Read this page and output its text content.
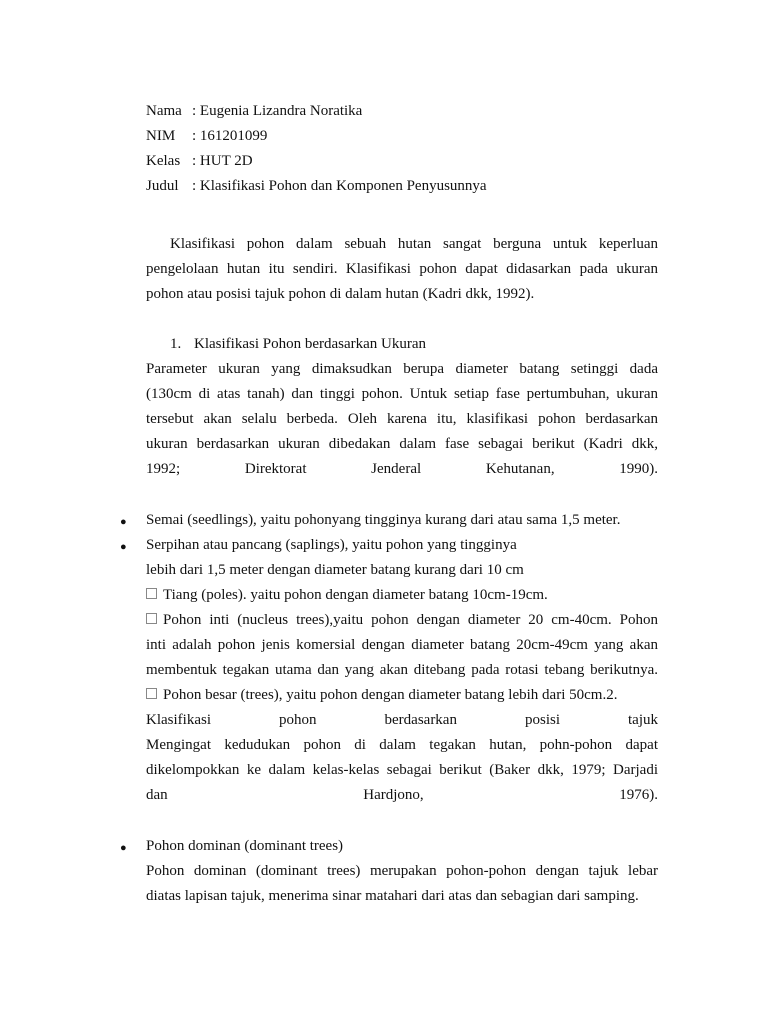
Nama : Eugenia Lizandra Noratika
NIM	: 161201099
Kelas : HUT 2D
Judul : Klasifikasi Pohon dan Komponen Penyusunnya
Klasifikasi pohon dalam sebuah hutan sangat berguna untuk keperluan
pengelolaan hutan itu sendiri. Klasifikasi pohon dapat didasarkan pada ukuran
pohon atau posisi tajuk pohon di dalam hutan (Kadri dkk, 1992).
1. Klasifikasi Pohon berdasarkan Ukuran
Parameter ukuran yang dimaksudkan berupa diameter batang setinggi dada
(130cm di atas tanah) dan tinggi pohon. Untuk setiap fase pertumbuhan, ukuran
tersebut akan selalu berbeda. Oleh karena itu, klasifikasi pohon berdasarkan
ukuran berdasarkan ukuran dibedakan dalam fase sebagai berikut (Kadri dkk,
1992; Direktorat Jenderal Kehutanan, 1990).
● Semai (seedlings), yaitu pohonyang tingginya kurang dari atau sama 1,5 meter.
● Serpihan atau pancang (saplings), yaitu pohon yang tingginya
lebih dari 1,5 meter dengan diameter batang kurang dari 10 cm
Tiang (poles). yaitu pohon dengan diameter batang 10cm-19cm.
Pohon inti (nucleus trees),yaitu pohon dengan diameter 20 cm-40cm. Pohon
inti adalah pohon jenis komersial dengan diameter batang 20cm-49cm yang akan
membentuk tegakan utama dan yang akan ditebang pada rotasi tebang berikutnya.
Pohon besar (trees), yaitu pohon dengan diameter batang lebih dari 50cm.2.
Klasifikasi pohon berdasarkan posisi tajuk
Mengingat kedudukan pohon di dalam tegakan hutan, pohn-pohon dapat
dikelompokkan ke dalam kelas-kelas sebagai berikut (Baker dkk, 1979; Darjadi
dan Hardjono, 1976).
● Pohon dominan (dominant trees)
Pohon dominan (dominant trees) merupakan pohon-pohon dengan tajuk lebar
diatas lapisan tajuk, menerima sinar matahari dari atas dan sebagian dari samping.
